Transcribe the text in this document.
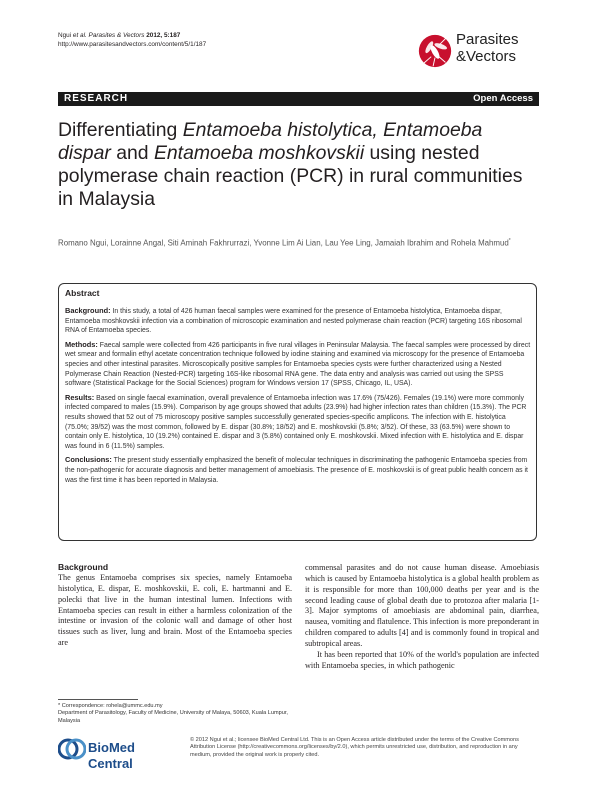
Ngui et al. Parasites & Vectors 2012, 5:187
http://www.parasitesandvectors.com/content/5/1/187	Parasites
&Vectors
RESEARCH	Open Access
Differentiating Entamoeba histolytica, Entamoeba dispar and Entamoeba moshkovskii using nested polymerase chain reaction (PCR) in rural communities in Malaysia
Romano Ngui, Lorainne Angal, Siti Aminah Fakhrurrazi, Yvonne Lim Ai Lian, Lau Yee Ling, Jamaiah Ibrahim and Rohela Mahmud*
Abstract

Background: In this study, a total of 426 human faecal samples were examined for the presence of Entamoeba histolytica, Entamoeba dispar, Entamoeba moshkovskii infection via a combination of microscopic examination and nested polymerase chain reaction (PCR) targeting 16S ribosomal RNA of Entamoeba species.

Methods: Faecal sample were collected from 426 participants in five rural villages in Peninsular Malaysia. The faecal samples were processed by direct wet smear and formalin ethyl acetate concentration technique followed by iodine staining and examined via microscopy for the presence of Entamoeba species and other intestinal parasites. Microscopically positive samples for Entamoeba species cysts were further characterized using a Nested Polymerase Chain Reaction (Nested-PCR) targeting 16S-like ribosomal RNA gene. The data entry and analysis was carried out using the SPSS software (Statistical Package for the Social Sciences) program for Windows version 17 (SPSS, Chicago, IL, USA).

Results: Based on single faecal examination, overall prevalence of Entamoeba infection was 17.6% (75/426). Females (19.1%) were more commonly infected compared to males (15.9%). Comparison by age groups showed that adults (23.9%) had higher infection rates than children (15.3%). The PCR results showed that 52 out of 75 microscopy positive samples successfully generated species-specific amplicons. The infection with E. histolytica (75.0%; 39/52) was the most common, followed by E. dispar (30.8%; 18/52) and E. moshkovskii (5.8%; 3/52). Of these, 33 (63.5%) were shown to contain only E. histolytica, 10 (19.2%) contained E. dispar and 3 (5.8%) contained only E. moshkovskii. Mixed infection with E. histolytica and E. dispar was found in 6 (11.5%) samples.

Conclusions: The present study essentially emphasized the benefit of molecular techniques in discriminating the pathogenic Entamoeba species from the non-pathogenic for accurate diagnosis and better management of amoebiasis. The presence of E. moshkovskii is of great public health concern as it was the first time it has been reported in Malaysia.

Background
The genus Entamoeba comprises six species, namely Entamoeba histolytica, E. dispar, E. moshkovskii, E. coli, E. hartmanni and E. polecki that live in the human intestinal lumen. Infections with Entamoeba species can result in either a harmless colonization of the intestine or invasion of the colonic wall and damage of other host tissues such as liver, lung and brain. Most of the Entamoeba species are
commensal parasites and do not cause human disease. Amoebiasis which is caused by Entamoeba histolytica is a global health problem as it is responsible for more than 100,000 deaths per year and is the second leading cause of global death due to protozoa after malaria [1-3]. Major symptoms of amoebiasis are abdominal pain, diarrhea, nausea, vomiting and flatulence. This infection is more preponderant in children compared to adults [4] and is commonly found in tropical and subtropical areas.
It has been reported that 10% of the world's population are infected with Entamoeba species, in which pathogenic
* Correspondence: rohela@ummc.edu.my
Department of Parasitology, Faculty of Medicine, University of Malaya, 50603, Kuala Lumpur, Malaysia
BioMed Central
© 2012 Ngui et al.; licensee BioMed Central Ltd. This is an Open Access article distributed under the terms of the Creative Commons Attribution License (http://creativecommons.org/licenses/by/2.0), which permits unrestricted use, distribution, and reproduction in any medium, provided the original work is properly cited.
